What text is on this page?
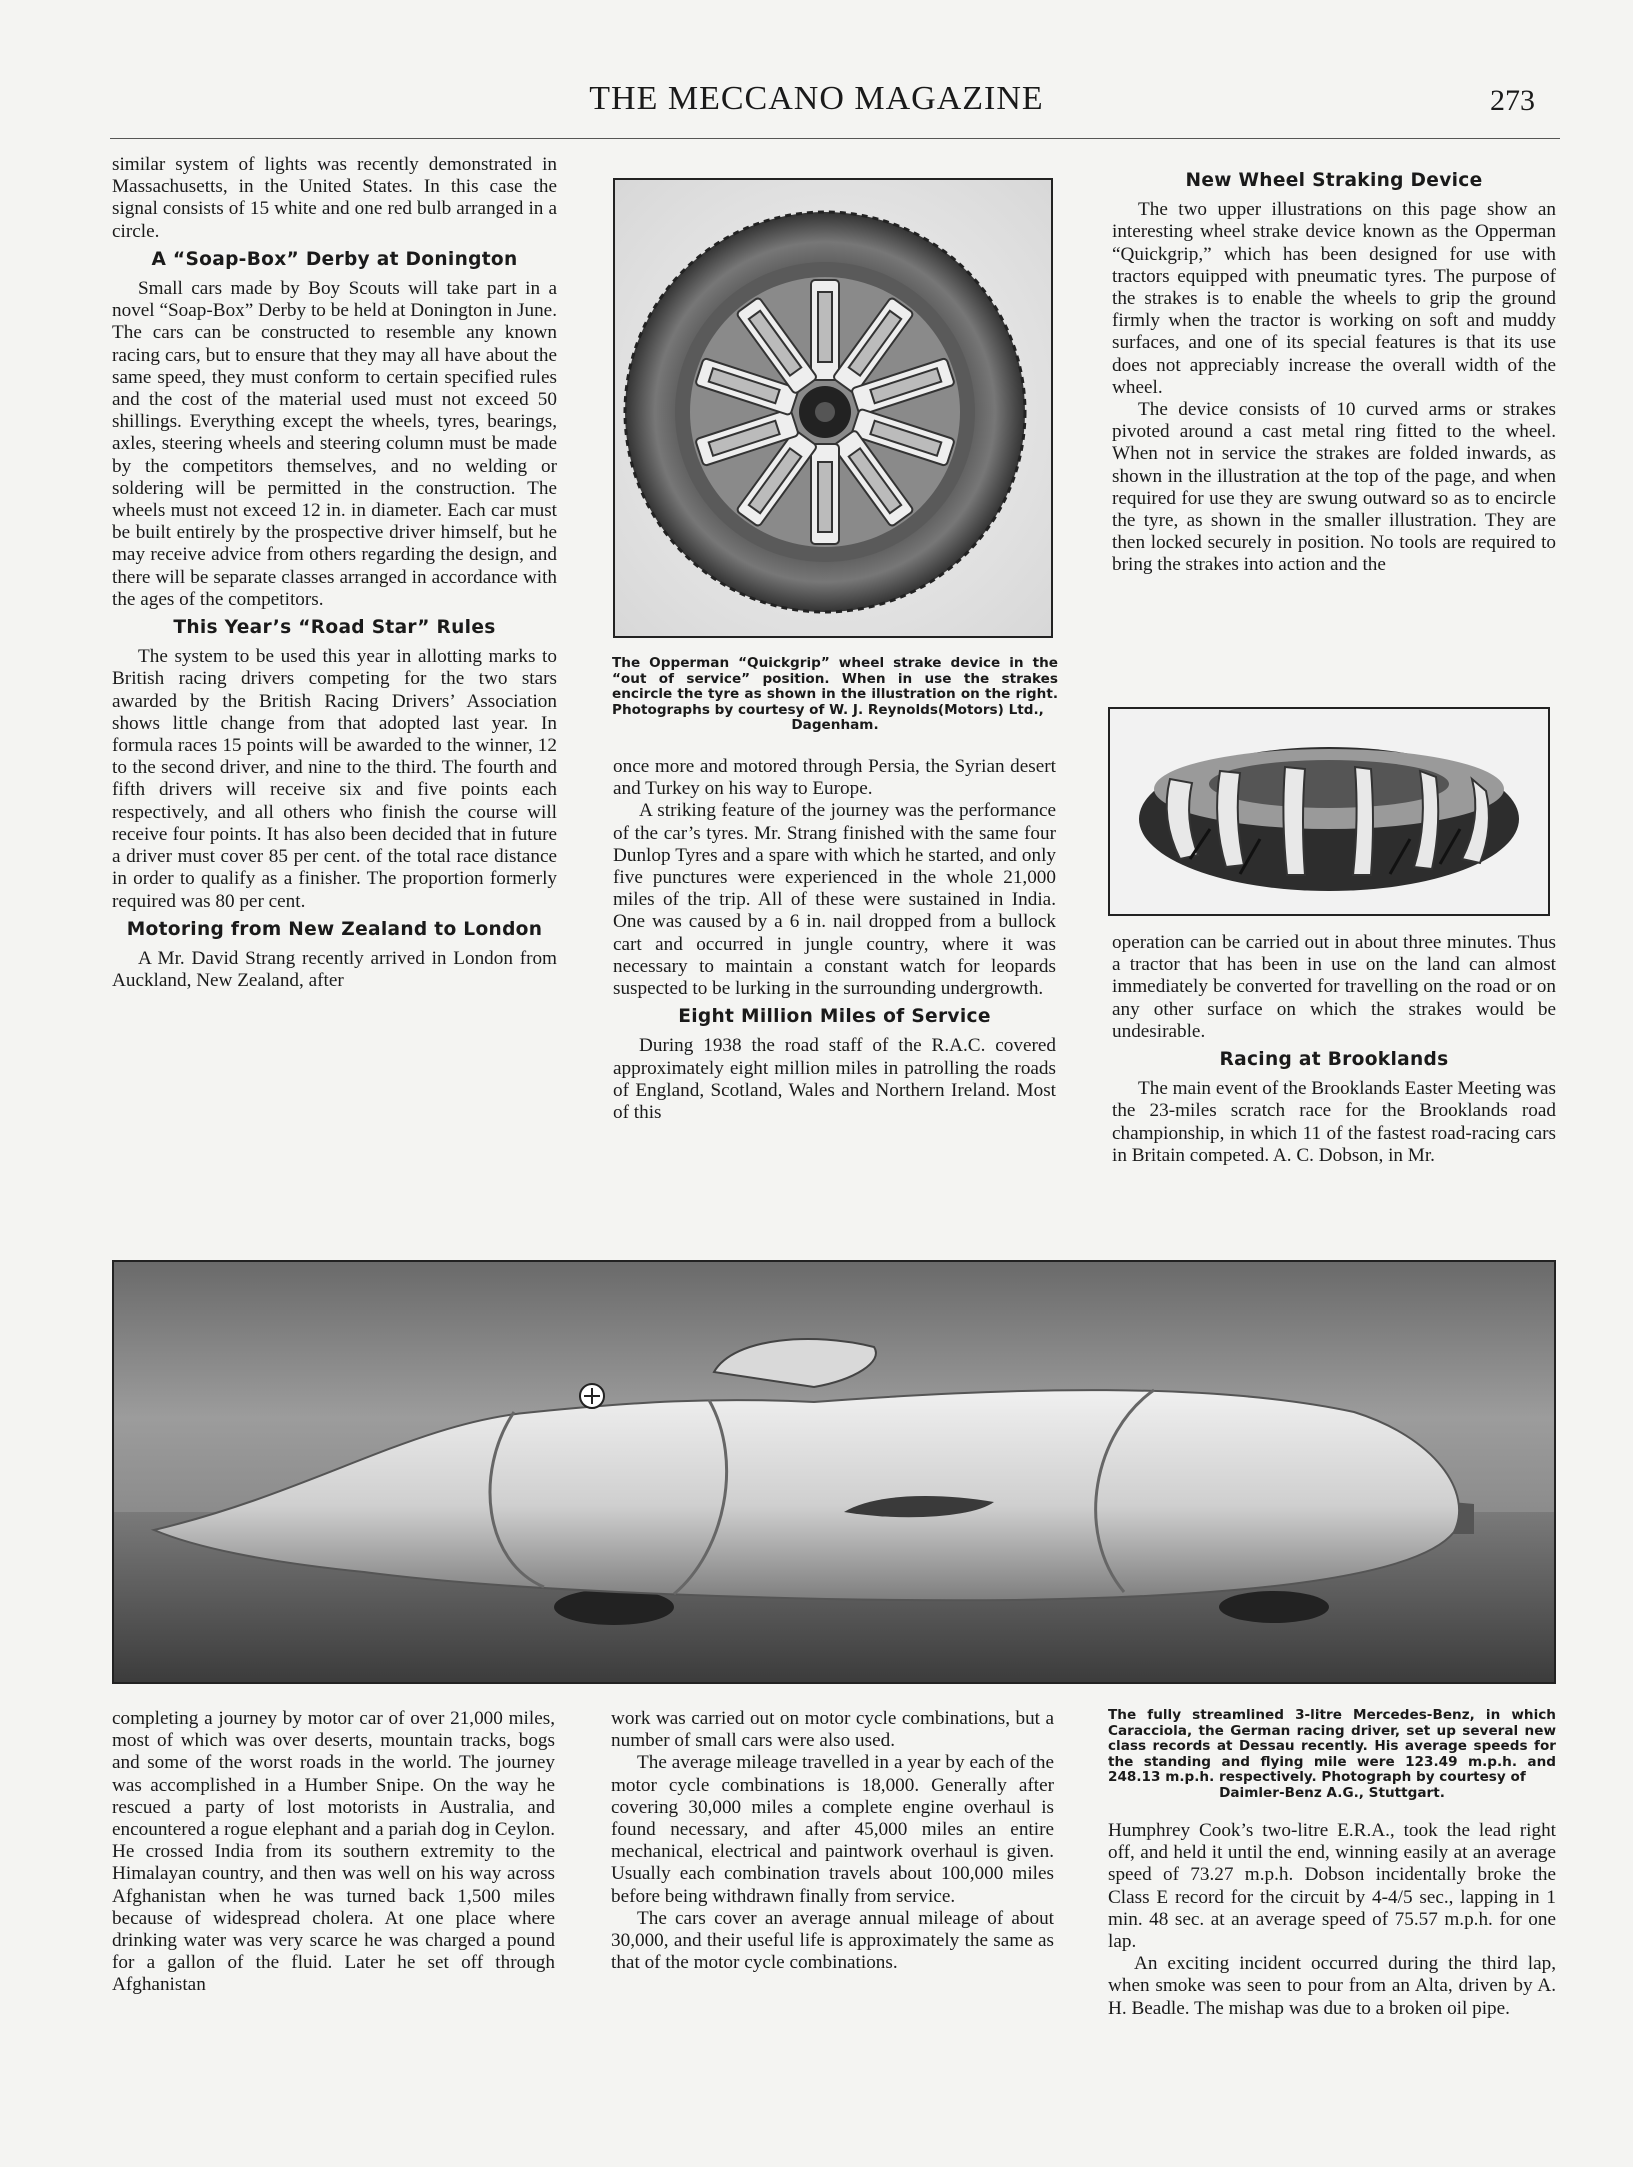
THE MECCANO MAGAZINE	273

similar system of lights was recently demonstrated in Massachusetts, in the United States. In this case the signal consists of 15 white and one red bulb arranged in a circle.

A “Soap-Box” Derby at Donington

Small cars made by Boy Scouts will take part in a novel “Soap-Box” Derby to be held at Donington in June. The cars can be constructed to resemble any known racing cars, but to ensure that they may all have about the same speed, they must conform to certain specified rules and the cost of the material used must not exceed 50 shillings. Everything except the wheels, tyres, bearings, axles, steering wheels and steering column must be made by the competitors themselves, and no welding or soldering will be permitted in the construction. The wheels must not exceed 12 in. in diameter. Each car must be built entirely by the prospective driver himself, but he may receive advice from others regarding the design, and there will be separate classes arranged in accordance with the ages of the competitors.

This Year’s “Road Star” Rules

The system to be used this year in allotting marks to British racing drivers competing for the two stars awarded by the British Racing Drivers’ Association shows little change from that adopted last year. In formula races 15 points will be awarded to the winner, 12 to the second driver, and nine to the third. The fourth and fifth drivers will receive six and five points each respectively, and all others who finish the course will receive four points. It has also been decided that in future a driver must cover 85 per cent. of the total race distance in order to qualify as a finisher. The proportion formerly required was 80 per cent.

Motoring from New Zealand to London

A Mr. David Strang recently arrived in London from Auckland, New Zealand, after

The Opperman “Quickgrip” wheel strake device in the “out of service” position. When in use the strakes encircle the tyre as shown in the illustration on the right. Photographs by courtesy of W. J. Reynolds(Motors) Ltd.,
Dagenham.

once more and motored through Persia, the Syrian desert and Turkey on his way to Europe.

A striking feature of the journey was the performance of the car’s tyres. Mr. Strang finished with the same four Dunlop Tyres and a spare with which he started, and only five punctures were experienced in the whole 21,000 miles of the trip. All of these were sustained in India. One was caused by a 6 in. nail dropped from a bullock cart and occurred in jungle country, where it was necessary to maintain a constant watch for leopards suspected to be lurking in the surrounding undergrowth.

Eight Million Miles of Service

During 1938 the road staff of the R.A.C. covered approximately eight million miles in patrolling the roads of England, Scotland, Wales and Northern Ireland. Most of this

New Wheel Straking Device

The two upper illustrations on this page show an interesting wheel strake device known as the Opperman “Quickgrip,” which has been designed for use with tractors equipped with pneumatic tyres. The purpose of the strakes is to enable the wheels to grip the ground firmly when the tractor is working on soft and muddy surfaces, and one of its special features is that its use does not appreciably increase the overall width of the wheel.

The device consists of 10 curved arms or strakes pivoted around a cast metal ring fitted to the wheel. When not in service the strakes are folded inwards, as shown in the illustration at the top of the page, and when required for use they are swung outward so as to encircle the tyre, as shown in the smaller illustration. They are then locked securely in position. No tools are required to bring the strakes into action and the

operation can be carried out in about three minutes. Thus a tractor that has been in use on the land can almost immediately be converted for travelling on the road or on any other surface on which the strakes would be undesirable.

Racing at Brooklands

The main event of the Brooklands Easter Meeting was the 23-miles scratch race for the Brooklands road championship, in which 11 of the fastest road-racing cars in Britain competed. A. C. Dobson, in Mr.

completing a journey by motor car of over 21,000 miles, most of which was over deserts, mountain tracks, bogs and some of the worst roads in the world. The journey was accomplished in a Humber Snipe. On the way he rescued a party of lost motorists in Australia, and encountered a rogue elephant and a pariah dog in Ceylon. He crossed India from its southern extremity to the Himalayan country, and then was well on his way across Afghanistan when he was turned back 1,500 miles because of widespread cholera. At one place where drinking water was very scarce he was charged a pound for a gallon of the fluid. Later he set off through Afghanistan

work was carried out on motor cycle combinations, but a number of small cars were also used.

The average mileage travelled in a year by each of the motor cycle combinations is 18,000. Generally after covering 30,000 miles a complete engine overhaul is found necessary, and after 45,000 miles an entire mechanical, electrical and paintwork overhaul is given. Usually each combination travels about 100,000 miles before being withdrawn finally from service.

The cars cover an average annual mileage of about 30,000, and their useful life is approximately the same as that of the motor cycle combinations.

The fully streamlined 3-litre Mercedes-Benz, in which Caracciola, the German racing driver, set up several new class records at Dessau recently. His average speeds for the standing and flying mile were 123.49 m.p.h. and 248.13 m.p.h. respectively. Photograph by courtesy of
Daimler-Benz A.G., Stuttgart.

Humphrey Cook’s two-litre E.R.A., took the lead right off, and held it until the end, winning easily at an average speed of 73.27 m.p.h. Dobson incidentally broke the Class E record for the circuit by 4-4/5 sec., lapping in 1 min. 48 sec. at an average speed of 75.57 m.p.h. for one lap.

An exciting incident occurred during the third lap, when smoke was seen to pour from an Alta, driven by A. H. Beadle. The mishap was due to a broken oil pipe.
